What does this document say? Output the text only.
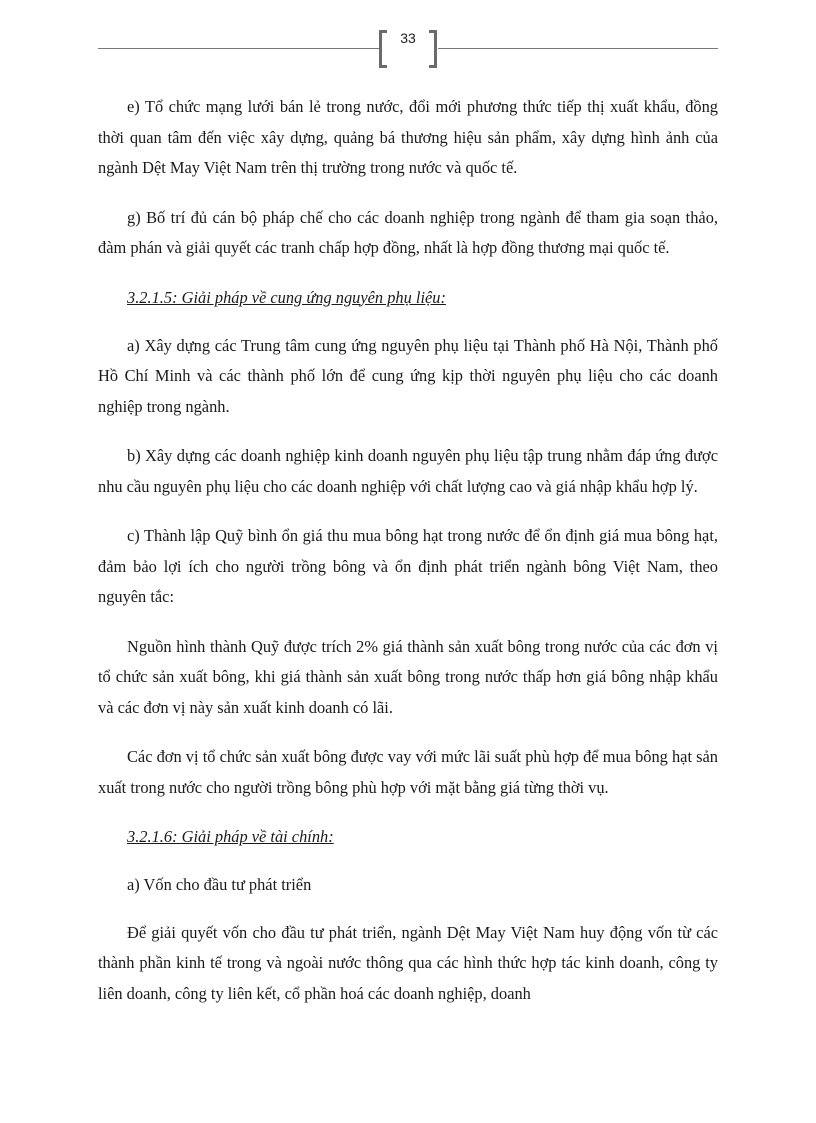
33

e) Tổ chức mạng lưới bán lẻ trong nước, đổi mới phương thức tiếp thị xuất khẩu, đồng thời quan tâm đến việc xây dựng, quảng bá thương hiệu sản phẩm, xây dựng hình ảnh của ngành Dệt May Việt Nam trên thị trường trong nước và quốc tế.

g) Bố trí đủ cán bộ pháp chế cho các doanh nghiệp trong ngành để tham gia soạn thảo, đàm phán và giải quyết các tranh chấp hợp đồng, nhất là hợp đồng thương mại quốc tế.

3.2.1.5: Giải pháp về cung ứng nguyên phụ liệu:

a) Xây dựng các Trung tâm cung ứng nguyên phụ liệu tại Thành phố Hà Nội, Thành phố Hồ Chí Minh và các thành phố lớn để cung ứng kịp thời nguyên phụ liệu cho các doanh nghiệp trong ngành.

b) Xây dựng các doanh nghiệp kinh doanh nguyên phụ liệu tập trung nhằm đáp ứng được nhu cầu nguyên phụ liệu cho các doanh nghiệp với chất lượng cao và giá nhập khẩu hợp lý.

c) Thành lập Quỹ bình ổn giá thu mua bông hạt trong nước để ổn định giá mua bông hạt, đảm bảo lợi ích cho người trồng bông và ổn định phát triển ngành bông Việt Nam, theo nguyên tắc:

Nguồn hình thành Quỹ được trích 2% giá thành sản xuất bông trong nước của các đơn vị tổ chức sản xuất bông, khi giá thành sản xuất bông trong nước thấp hơn giá bông nhập khẩu và các đơn vị này sản xuất kinh doanh có lãi.

Các đơn vị tổ chức sản xuất bông được vay với mức lãi suất phù hợp để mua bông hạt sản xuất trong nước cho người trồng bông phù hợp với mặt bằng giá từng thời vụ.

3.2.1.6: Giải pháp về tài chính:

a) Vốn cho đầu tư phát triển

Để giải quyết vốn cho đầu tư phát triển, ngành Dệt May Việt Nam huy động vốn từ các thành phần kinh tế trong và ngoài nước thông qua các hình thức hợp tác kinh doanh, công ty liên doanh, công ty liên kết, cổ phần hoá các doanh nghiệp, doanh
